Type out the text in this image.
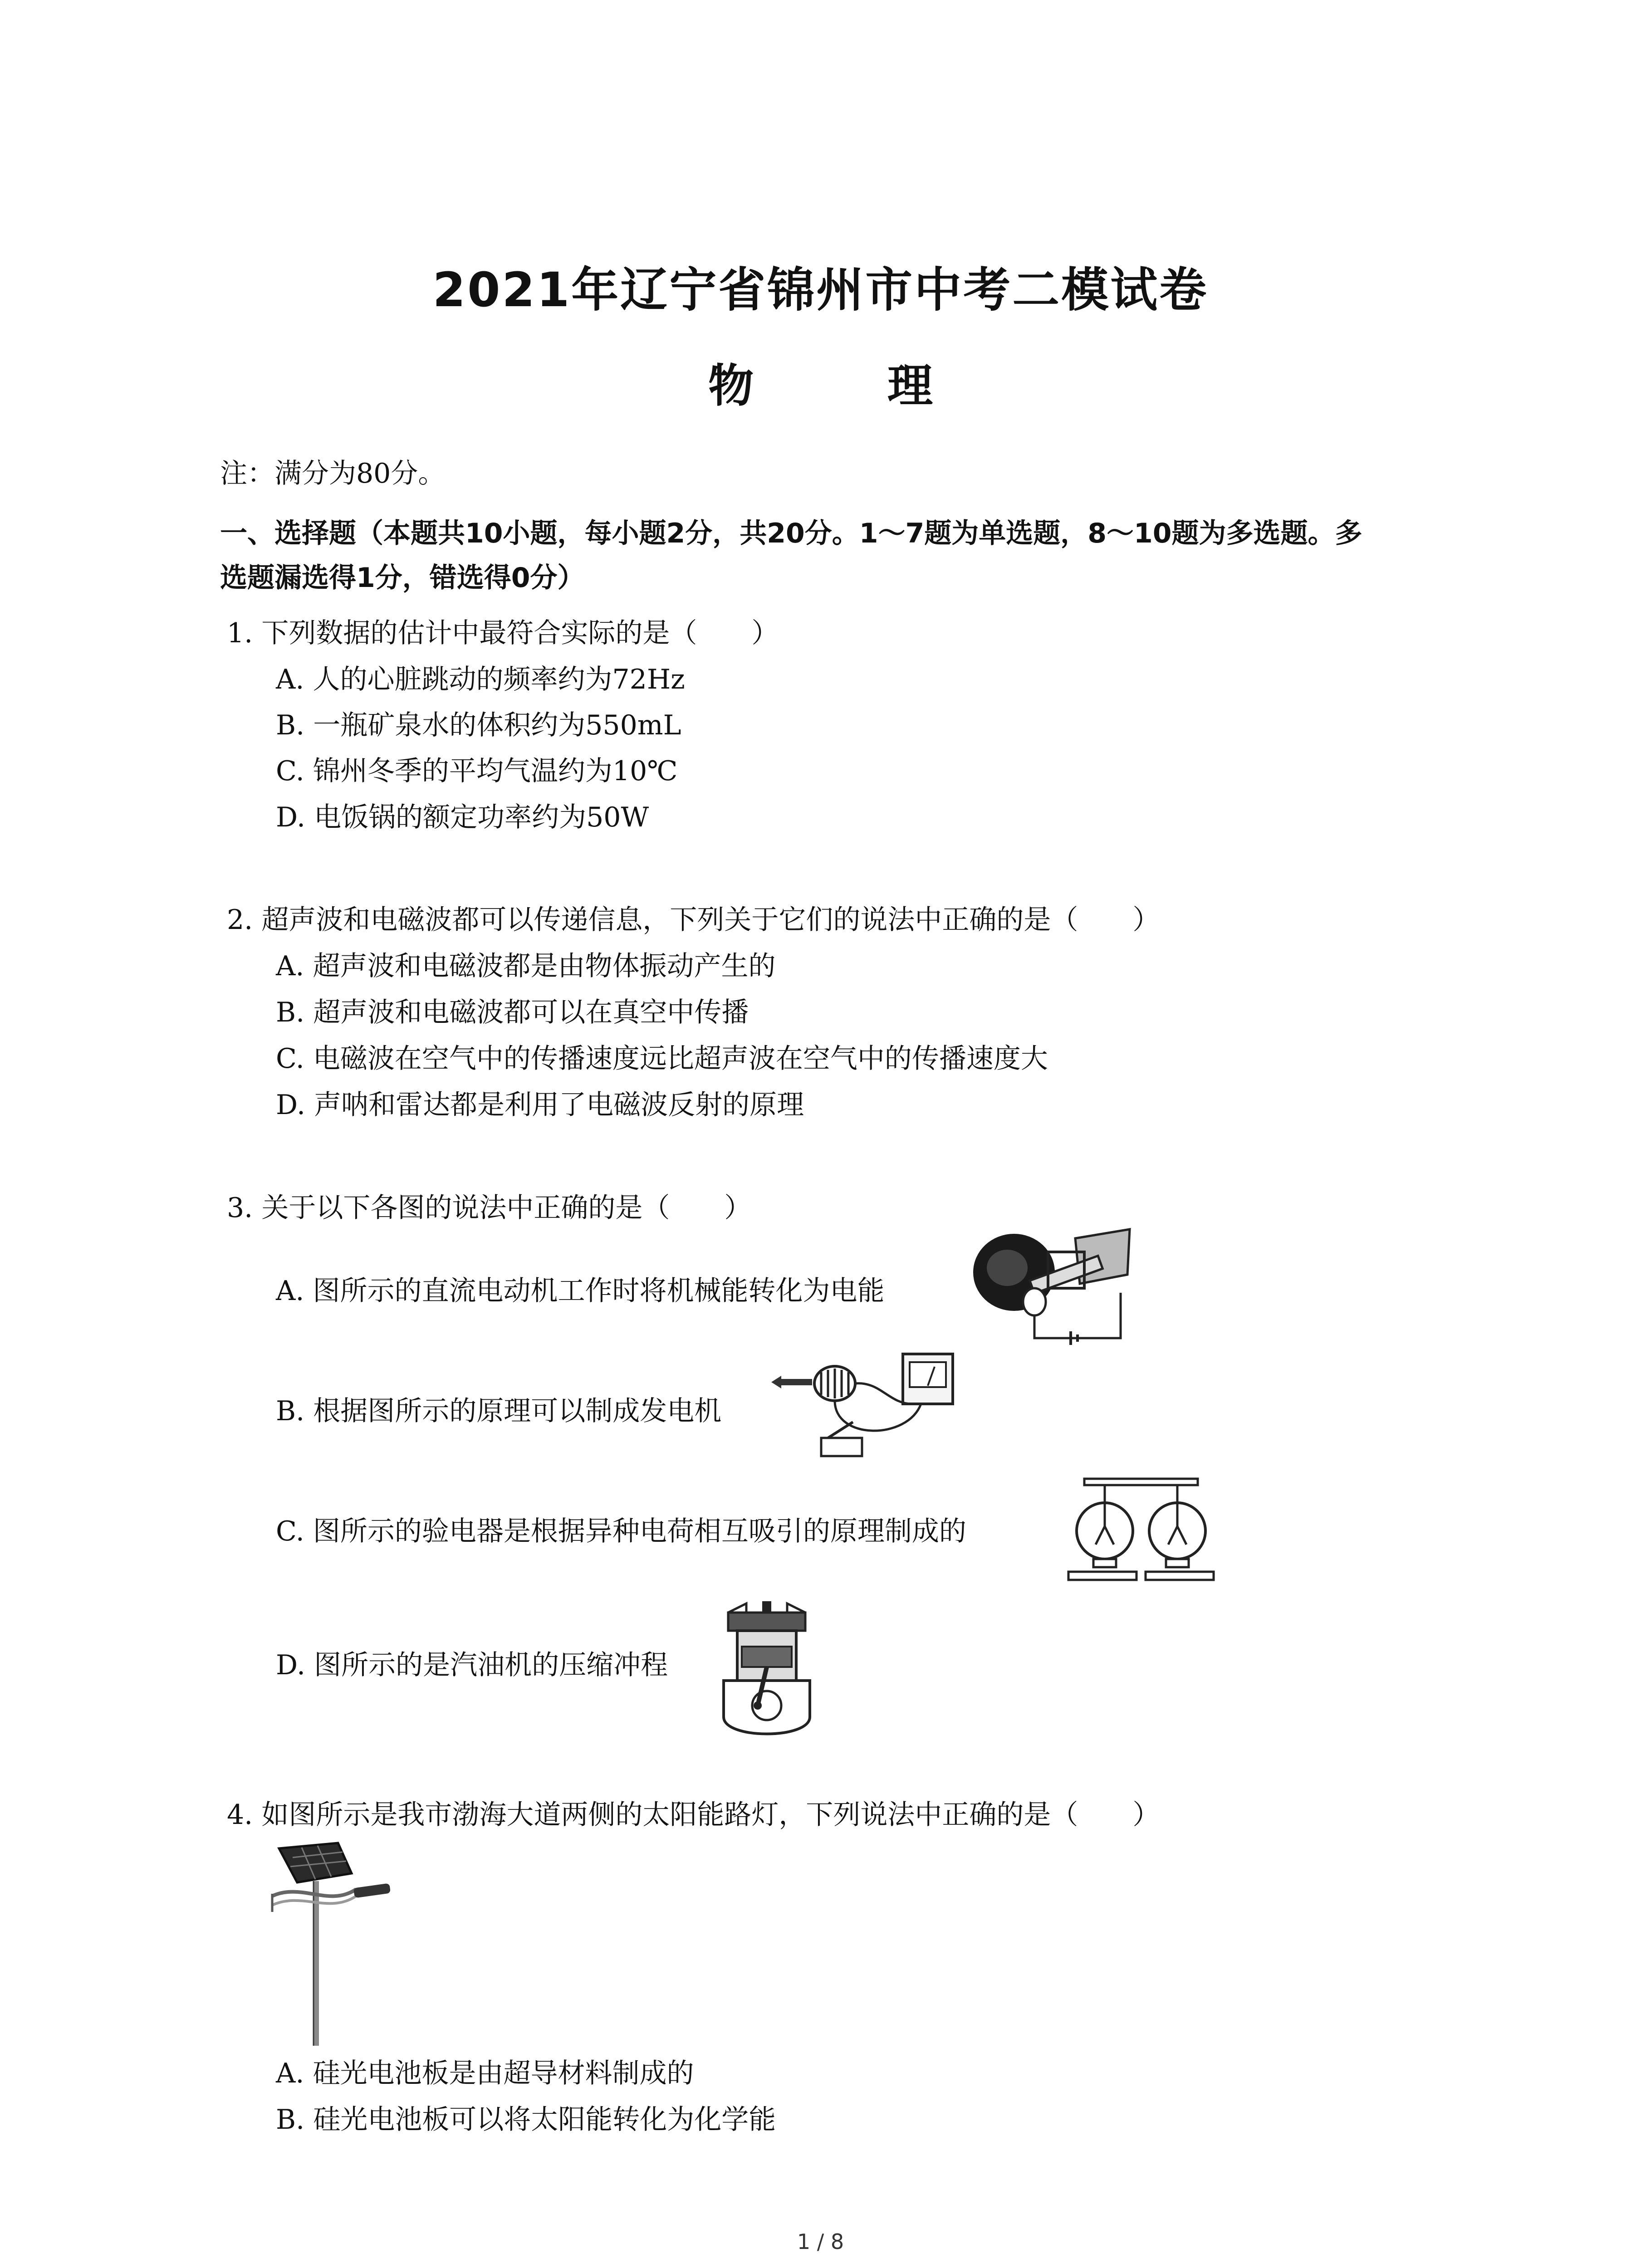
2021年辽宁省锦州市中考二模试卷
物 理
注：满分为80分。
一、选择题（本题共10小题，每小题2分，共20分。1～7题为单选题，8～10题为多选题。多
选题漏选得1分，错选得0分）
1. 下列数据的估计中最符合实际的是（　　）
A. 人的心脏跳动的频率约为72Hz
B. 一瓶矿泉水的体积约为550mL
C. 锦州冬季的平均气温约为10℃
D. 电饭锅的额定功率约为50W
2. 超声波和电磁波都可以传递信息，下列关于它们的说法中正确的是（　　）
A. 超声波和电磁波都是由物体振动产生的
B. 超声波和电磁波都可以在真空中传播
C. 电磁波在空气中的传播速度远比超声波在空气中的传播速度大
D. 声呐和雷达都是利用了电磁波反射的原理
3. 关于以下各图的说法中正确的是（　　）
A. 图所示的直流电动机工作时将机械能转化为电能
B. 根据图所示的原理可以制成发电机
C. 图所示的验电器是根据异种电荷相互吸引的原理制成的
D. 图所示的是汽油机的压缩冲程
4. 如图所示是我市渤海大道两侧的太阳能路灯，下列说法中正确的是（　　）
A. 硅光电池板是由超导材料制成的
B. 硅光电池板可以将太阳能转化为化学能
1 / 8
